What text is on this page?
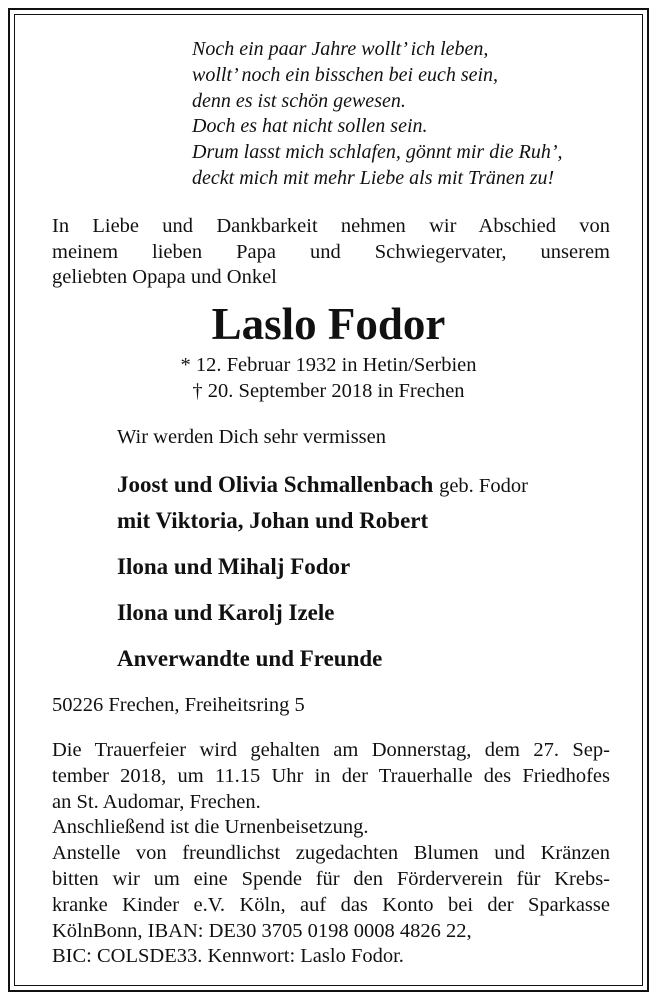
Noch ein paar Jahre wollt’ ich leben,
wollt’ noch ein bisschen bei euch sein,
denn es ist schön gewesen.
Doch es hat nicht sollen sein.
Drum lasst mich schlafen, gönnt mir die Ruh’,
deckt mich mit mehr Liebe als mit Tränen zu!
In Liebe und Dankbarkeit nehmen wir Abschied von
meinem lieben Papa und Schwiegervater, unserem
geliebten Opapa und Onkel
Laslo Fodor
* 12. Februar 1932 in Hetin/Serbien
† 20. September 2018 in Frechen
Wir werden Dich sehr vermissen
Joost und Olivia Schmallenbach geb. Fodor
mit Viktoria, Johan und Robert
Ilona und Mihalj Fodor
Ilona und Karolj Izele
Anverwandte und Freunde
50226 Frechen, Freiheitsring 5
Die Trauerfeier wird gehalten am Donnerstag, dem 27. Sep-
tember 2018, um 11.15 Uhr in der Trauerhalle des Friedhofes
an St. Audomar, Frechen.
Anschließend ist die Urnenbeisetzung.
Anstelle von freundlichst zugedachten Blumen und Kränzen
bitten wir um eine Spende für den Förderverein für Krebs-
kranke Kinder e.V. Köln, auf das Konto bei der Sparkasse
KölnBonn, IBAN: DE30 3705 0198 0008 4826 22,
BIC: COLSDE33. Kennwort: Laslo Fodor.
